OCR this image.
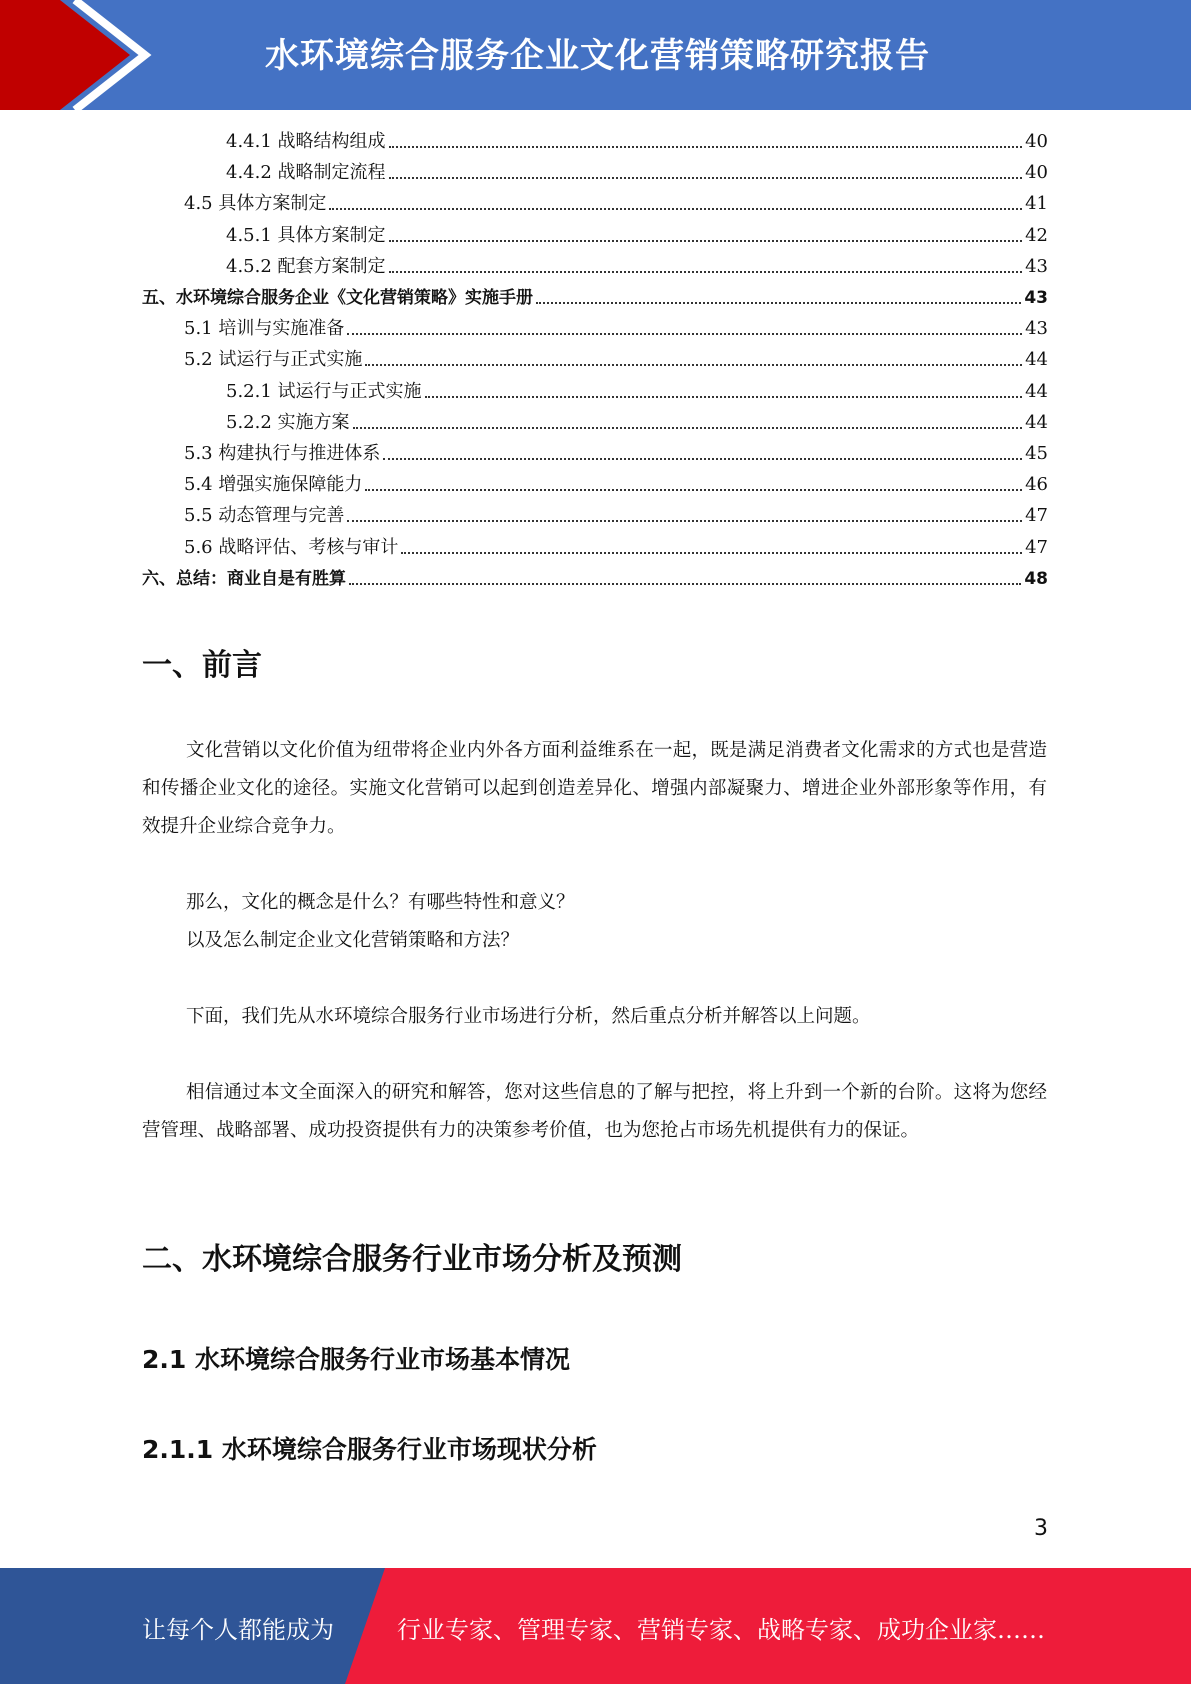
水环境综合服务企业文化营销策略研究报告
4.4.1 战略结构组成	40
4.4.2 战略制定流程	40
4.5 具体方案制定	41
4.5.1 具体方案制定	42
4.5.2 配套方案制定	43
五、水环境综合服务企业《文化营销策略》实施手册	43
5.1 培训与实施准备	43
5.2 试运行与正式实施	44
5.2.1 试运行与正式实施	44
5.2.2 实施方案	44
5.3 构建执行与推进体系	45
5.4 增强实施保障能力	46
5.5 动态管理与完善	47
5.6 战略评估、考核与审计	47
六、总结：商业自是有胜算	48
一、前言

文化营销以文化价值为纽带将企业内外各方面利益维系在一起，既是满足消费者文化需求的方式也是营造和传播企业文化的途径。实施文化营销可以起到创造差异化、增强内部凝聚力、增进企业外部形象等作用，有效提升企业综合竞争力。

那么，文化的概念是什么？有哪些特性和意义？
以及怎么制定企业文化营销策略和方法？
下面，我们先从水环境综合服务行业市场进行分析，然后重点分析并解答以上问题。

相信通过本文全面深入的研究和解答，您对这些信息的了解与把控，将上升到一个新的台阶。这将为您经营管理、战略部署、成功投资提供有力的决策参考价值，也为您抢占市场先机提供有力的保证。

二、水环境综合服务行业市场分析及预测
2.1 水环境综合服务行业市场基本情况
2.1.1 水环境综合服务行业市场现状分析
3
让每个人都能成为	行业专家、管理专家、营销专家、战略专家、成功企业家……
